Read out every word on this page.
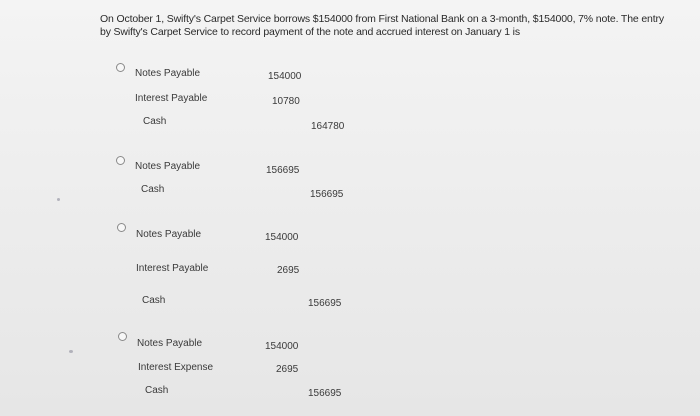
On October 1, Swifty's Carpet Service borrows $154000 from First National Bank on a 3-month, $154000, 7% note. The entry by Swifty's Carpet Service to record payment of the note and accrued interest on January 1 is
Notes Payable	154000
Interest Payable	10780
Cash	164780
Notes Payable	156695
Cash	156695
Notes Payable	154000
Interest Payable	2695
Cash	156695
Notes Payable	154000
Interest Expense	2695
Cash	156695
